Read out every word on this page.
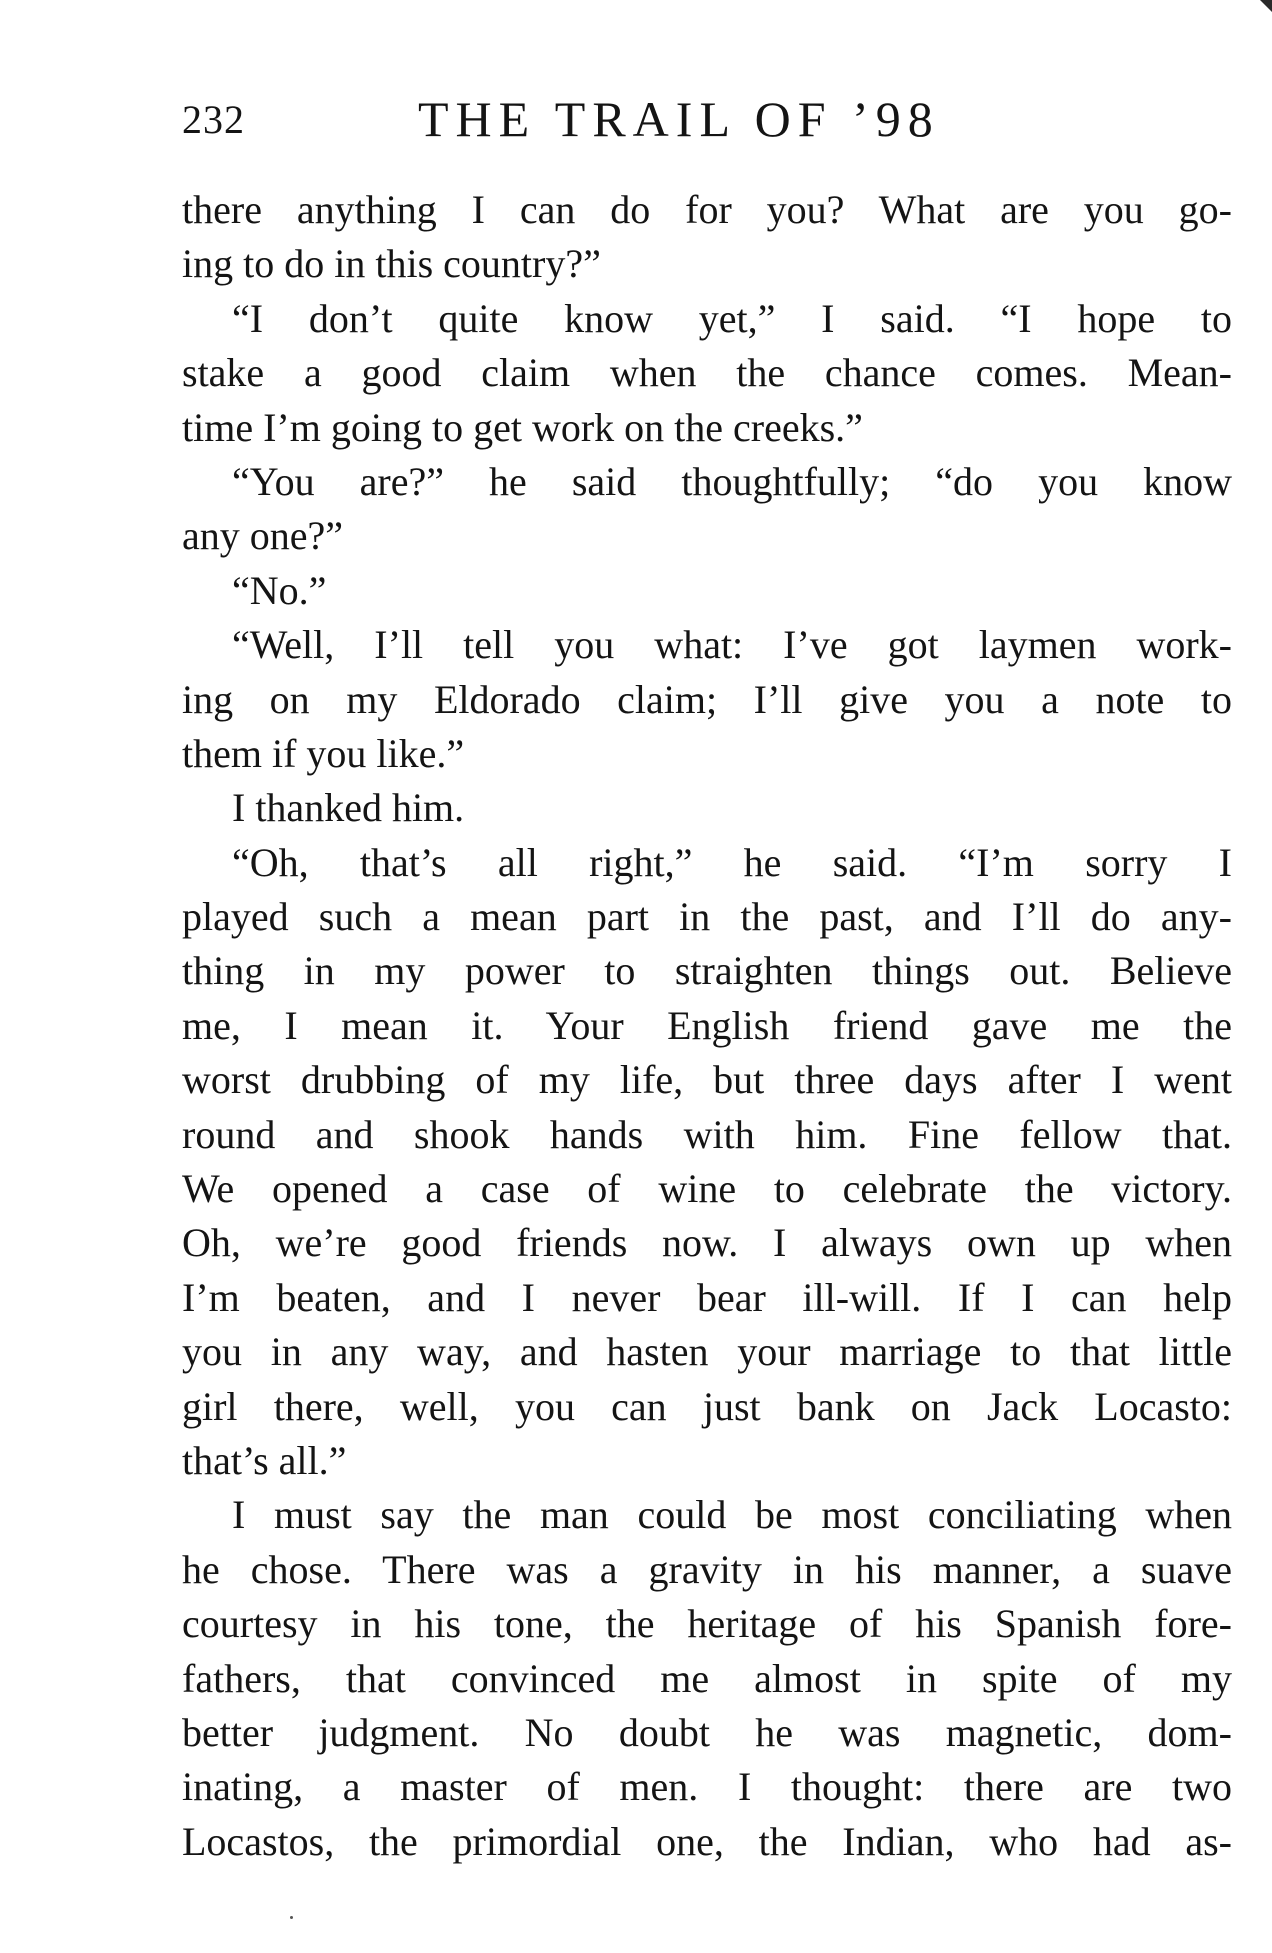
232	THE TRAIL OF ’98
there anything I can do for you? What are you go-
ing to do in this country?”
“I don’t quite know yet,” I said. “I hope to
stake a good claim when the chance comes. Mean-
time I’m going to get work on the creeks.”
“You are?” he said thoughtfully; “do you know
any one?”
“No.”
“Well, I’ll tell you what: I’ve got laymen work-
ing on my Eldorado claim; I’ll give you a note to
them if you like.”
I thanked him.
“Oh, that’s all right,” he said. “I’m sorry I
played such a mean part in the past, and I’ll do any-
thing in my power to straighten things out. Believe
me, I mean it. Your English friend gave me the
worst drubbing of my life, but three days after I went
round and shook hands with him. Fine fellow that.
We opened a case of wine to celebrate the victory.
Oh, we’re good friends now. I always own up when
I’m beaten, and I never bear ill-will. If I can help
you in any way, and hasten your marriage to that little
girl there, well, you can just bank on Jack Locasto:
that’s all.”
I must say the man could be most conciliating when
he chose. There was a gravity in his manner, a suave
courtesy in his tone, the heritage of his Spanish fore-
fathers, that convinced me almost in spite of my
better judgment. No doubt he was magnetic, dom-
inating, a master of men. I thought: there are two
Locastos, the primordial one, the Indian, who had as-
